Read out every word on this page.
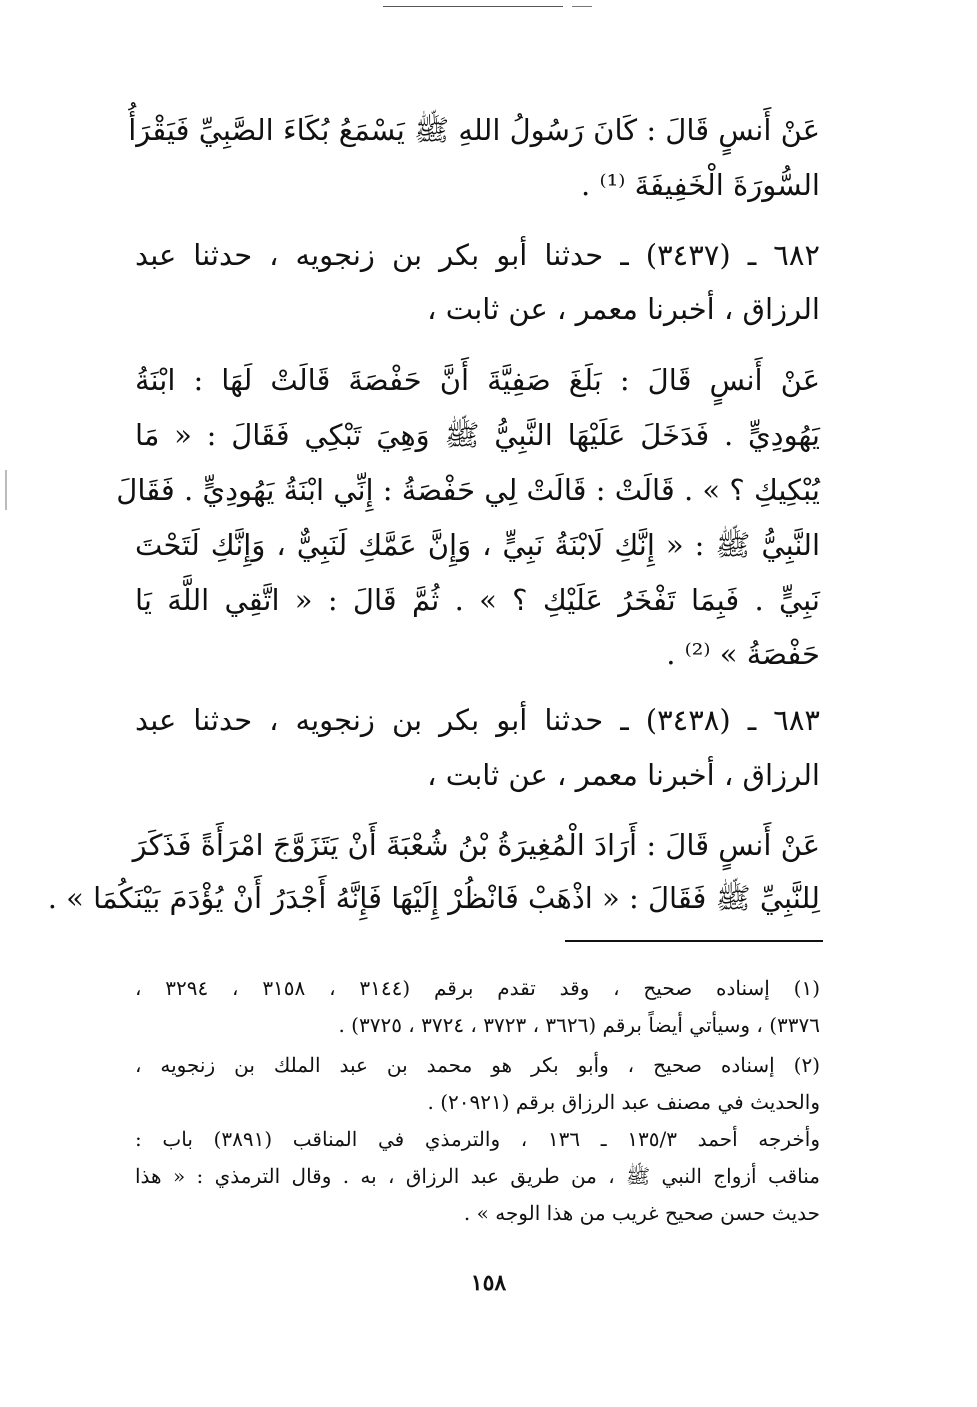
عَنْ أَنسٍ قَالَ : كَانَ رَسُولُ اللهِ ﷺ يَسْمَعُ بُكَاءَ الصَّبِيِّ فَيَقْرَأُ
السُّورَةَ الْخَفِيفَةَ ⁽¹⁾ .
٦٨٢ ـ (٣٤٣٧) ـ حدثنا أبو بكر بن زنجويه ، حدثنا عبد
الرزاق ، أخبرنا معمر ، عن ثابت ،
عَنْ أَنسٍ قَالَ : بَلَغَ صَفِيَّةَ أَنَّ حَفْصَةَ قَالَتْ لَهَا : ابْنَةُ
يَهُودِيٍّ . فَدَخَلَ عَلَيْهَا النَّبِيُّ ﷺ وَهِيَ تَبْكِي فَقَالَ : « مَا
يُبْكِيكِ ؟ » . قَالَتْ : قَالَتْ لِي حَفْصَةُ : إِنِّي ابْنَةُ يَهُودِيٍّ . فَقَالَ
النَّبِيُّ ﷺ : « إِنَّكِ لَابْنَةُ نَبِيٍّ ، وَإِنَّ عَمَّكِ لَنَبِيٌّ ، وَإِنَّكِ لَتَحْتَ
نَبِيٍّ . فَبِمَا تَفْخَرُ عَلَيْكِ ؟ » . ثُمَّ قَالَ : « اتَّقِي اللَّهَ يَا
حَفْصَةُ » ⁽²⁾ .
٦٨٣ ـ (٣٤٣٨) ـ حدثنا أبو بكر بن زنجويه ، حدثنا عبد
الرزاق ، أخبرنا معمر ، عن ثابت ،
عَنْ أَنسٍ قَالَ : أَرَادَ الْمُغِيرَةُ بْنُ شُعْبَةَ أَنْ يَتَزَوَّجَ امْرَأَةً فَذَكَرَ
لِلنَّبِيِّ ﷺ فَقَالَ : « اذْهَبْ فَانْظُرْ إِلَيْهَا فَإِنَّهُ أَجْدَرُ أَنْ يُؤْدَمَ بَيْنَكُمَا » .
(١) إسناده صحيح ، وقد تقدم برقم (٣١٤٤ ، ٣١٥٨ ، ٣٢٩٤ ،
٣٣٧٦) ، وسيأتي أيضاً برقم (٣٦٢٦ ، ٣٧٢٣ ، ٣٧٢٤ ، ٣٧٢٥) .
(٢) إسناده صحيح ، وأبو بكر هو محمد بن عبد الملك بن زنجويه ،
والحديث في مصنف عبد الرزاق برقم (٢٠٩٢١) .
وأخرجه أحمد ١٣٥/٣ ـ ١٣٦ ، والترمذي في المناقب (٣٨٩١) باب :
مناقب أزواج النبي ﷺ ، من طريق عبد الرزاق ، به . وقال الترمذي : « هذا
حديث حسن صحيح غريب من هذا الوجه » .
١٥٨
